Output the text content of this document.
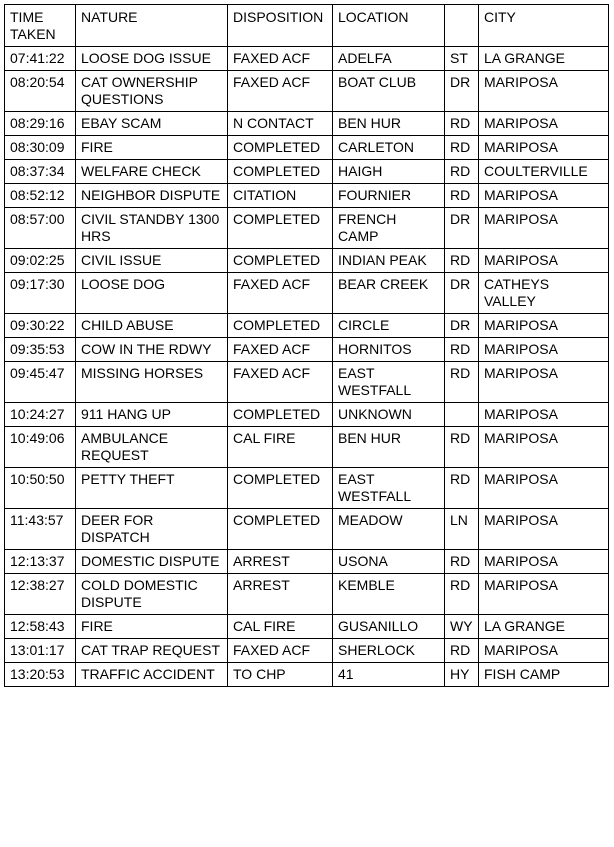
TIME TAKEN	NATURE	DISPOSITION	LOCATION		CITY
07:41:22	LOOSE DOG ISSUE	FAXED ACF	ADELFA	ST	LA GRANGE
08:20:54	CAT OWNERSHIP QUESTIONS	FAXED ACF	BOAT CLUB	DR	MARIPOSA
08:29:16	EBAY SCAM	N CONTACT	BEN HUR	RD	MARIPOSA
08:30:09	FIRE	COMPLETED	CARLETON	RD	MARIPOSA
08:37:34	WELFARE CHECK	COMPLETED	HAIGH	RD	COULTERVILLE
08:52:12	NEIGHBOR DISPUTE	CITATION	FOURNIER	RD	MARIPOSA
08:57:00	CIVIL STANDBY 1300 HRS	COMPLETED	FRENCH CAMP	DR	MARIPOSA
09:02:25	CIVIL ISSUE	COMPLETED	INDIAN PEAK	RD	MARIPOSA
09:17:30	LOOSE DOG	FAXED ACF	BEAR CREEK	DR	CATHEYS VALLEY
09:30:22	CHILD ABUSE	COMPLETED	CIRCLE	DR	MARIPOSA
09:35:53	COW IN THE RDWY	FAXED ACF	HORNITOS	RD	MARIPOSA
09:45:47	MISSING HORSES	FAXED ACF	EAST WESTFALL	RD	MARIPOSA
10:24:27	911 HANG UP	COMPLETED	UNKNOWN		MARIPOSA
10:49:06	AMBULANCE REQUEST	CAL FIRE	BEN HUR	RD	MARIPOSA
10:50:50	PETTY THEFT	COMPLETED	EAST WESTFALL	RD	MARIPOSA
11:43:57	DEER FOR DISPATCH	COMPLETED	MEADOW	LN	MARIPOSA
12:13:37	DOMESTIC DISPUTE	ARREST	USONA	RD	MARIPOSA
12:38:27	COLD DOMESTIC DISPUTE	ARREST	KEMBLE	RD	MARIPOSA
12:58:43	FIRE	CAL FIRE	GUSANILLO	WY	LA GRANGE
13:01:17	CAT TRAP REQUEST	FAXED ACF	SHERLOCK	RD	MARIPOSA
13:20:53	TRAFFIC ACCIDENT	TO CHP	41	HY	FISH CAMP
